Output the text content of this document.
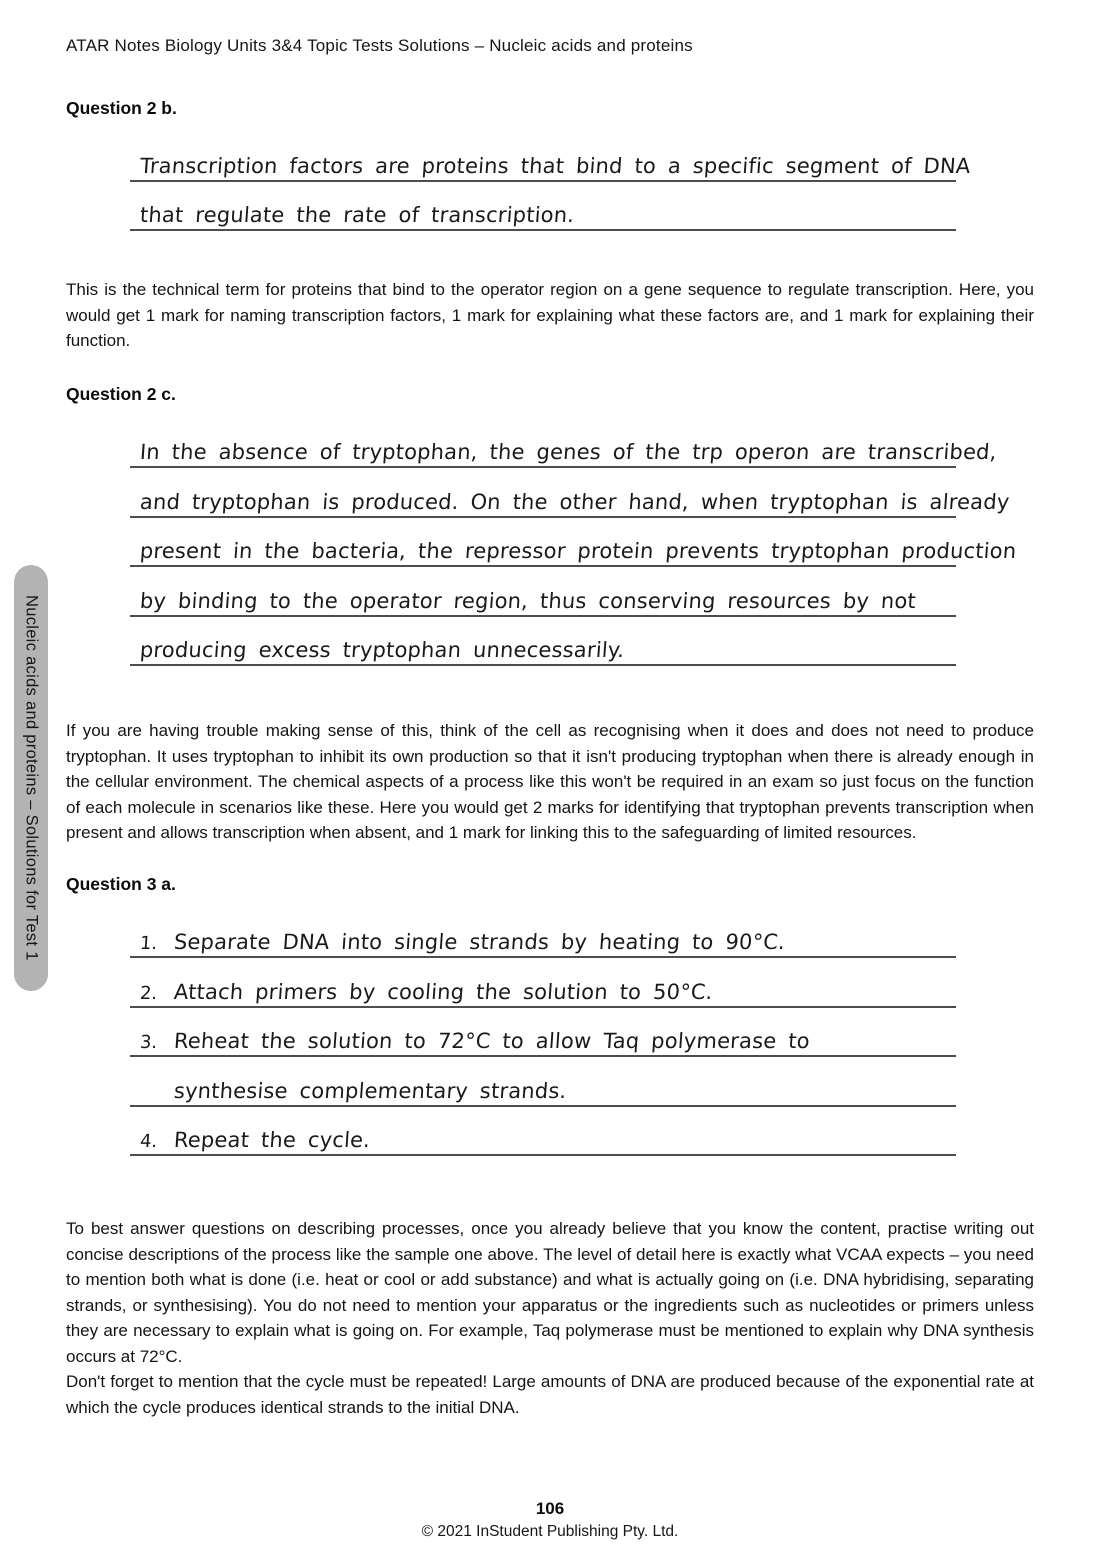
Nucleic acids and proteins – Solutions for Test 1
ATAR Notes Biology Units 3&4 Topic Tests Solutions – Nucleic acids and proteins
Question 2 b.
Transcription factors are proteins that bind to a specific segment of DNA
that regulate the rate of transcription.

This is the technical term for proteins that bind to the operator region on a gene sequence to regulate transcription. Here, you would get 1 mark for naming transcription factors, 1 mark for explaining what these factors are, and 1 mark for explaining their function.

Question 2 c.
In the absence of tryptophan, the genes of the trp operon are transcribed,
and tryptophan is produced. On the other hand, when tryptophan is already
present in the bacteria, the repressor protein prevents tryptophan production
by binding to the operator region, thus conserving resources by not
producing excess tryptophan unnecessarily.

If you are having trouble making sense of this, think of the cell as recognising when it does and does not need to produce tryptophan. It uses tryptophan to inhibit its own production so that it isn't producing tryptophan when there is already enough in the cellular environment. The chemical aspects of a process like this won't be required in an exam so just focus on the function of each molecule in scenarios like these. Here you would get 2 marks for identifying that tryptophan prevents transcription when present and allows transcription when absent, and 1 mark for linking this to the safeguarding of limited resources.

Question 3 a.
1. Separate DNA into single strands by heating to 90°C.
2. Attach primers by cooling the solution to 50°C.
3. Reheat the solution to 72°C to allow Taq polymerase to
synthesise complementary strands.
4. Repeat the cycle.

To best answer questions on describing processes, once you already believe that you know the content, practise writing out concise descriptions of the process like the sample one above. The level of detail here is exactly what VCAA expects – you need to mention both what is done (i.e. heat or cool or add substance) and what is actually going on (i.e. DNA hybridising, separating strands, or synthesising). You do not need to mention your apparatus or the ingredients such as nucleotides or primers unless they are necessary to explain what is going on. For example, Taq polymerase must be mentioned to explain why DNA synthesis occurs at 72°C.

Don't forget to mention that the cycle must be repeated! Large amounts of DNA are produced because of the exponential rate at which the cycle produces identical strands to the initial DNA.

106
© 2021 InStudent Publishing Pty. Ltd.
